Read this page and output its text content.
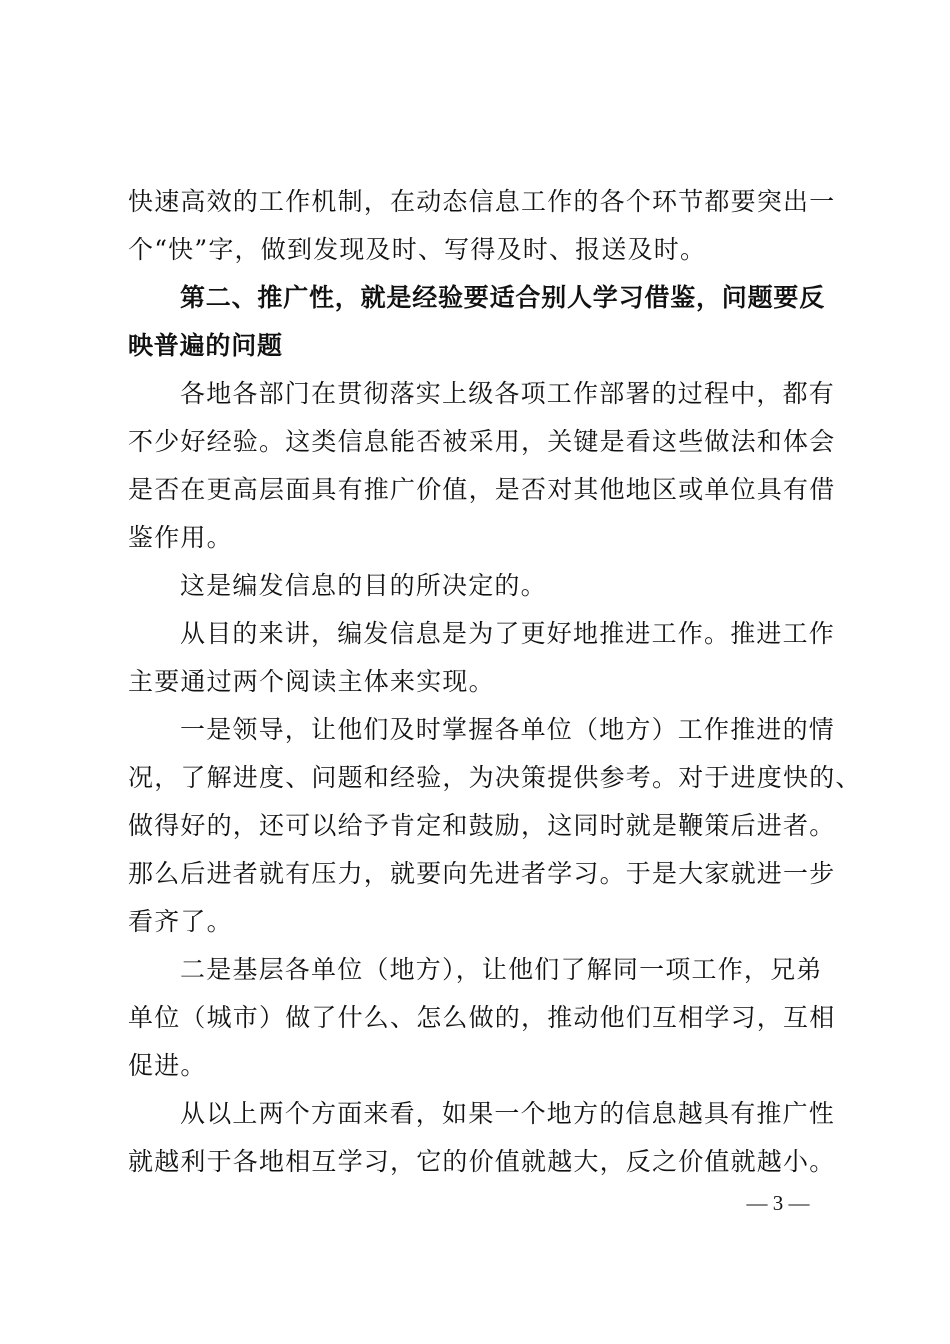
快速高效的工作机制，在动态信息工作的各个环节都要突出一
个“快”字，做到发现及时、写得及时、报送及时。
第二、推广性，就是经验要适合别人学习借鉴，问题要反
映普遍的问题
各地各部门在贯彻落实上级各项工作部署的过程中，都有
不少好经验。这类信息能否被采用，关键是看这些做法和体会
是否在更高层面具有推广价值，是否对其他地区或单位具有借
鉴作用。
这是编发信息的目的所决定的。
从目的来讲，编发信息是为了更好地推进工作。推进工作
主要通过两个阅读主体来实现。
一是领导，让他们及时掌握各单位（地方）工作推进的情
况，了解进度、问题和经验，为决策提供参考。对于进度快的、
做得好的，还可以给予肯定和鼓励，这同时就是鞭策后进者。
那么后进者就有压力，就要向先进者学习。于是大家就进一步
看齐了。
二是基层各单位（地方），让他们了解同一项工作，兄弟
单位（城市）做了什么、怎么做的，推动他们互相学习，互相
促进。
从以上两个方面来看，如果一个地方的信息越具有推广性
就越利于各地相互学习，它的价值就越大，反之价值就越小。
— 3 —
